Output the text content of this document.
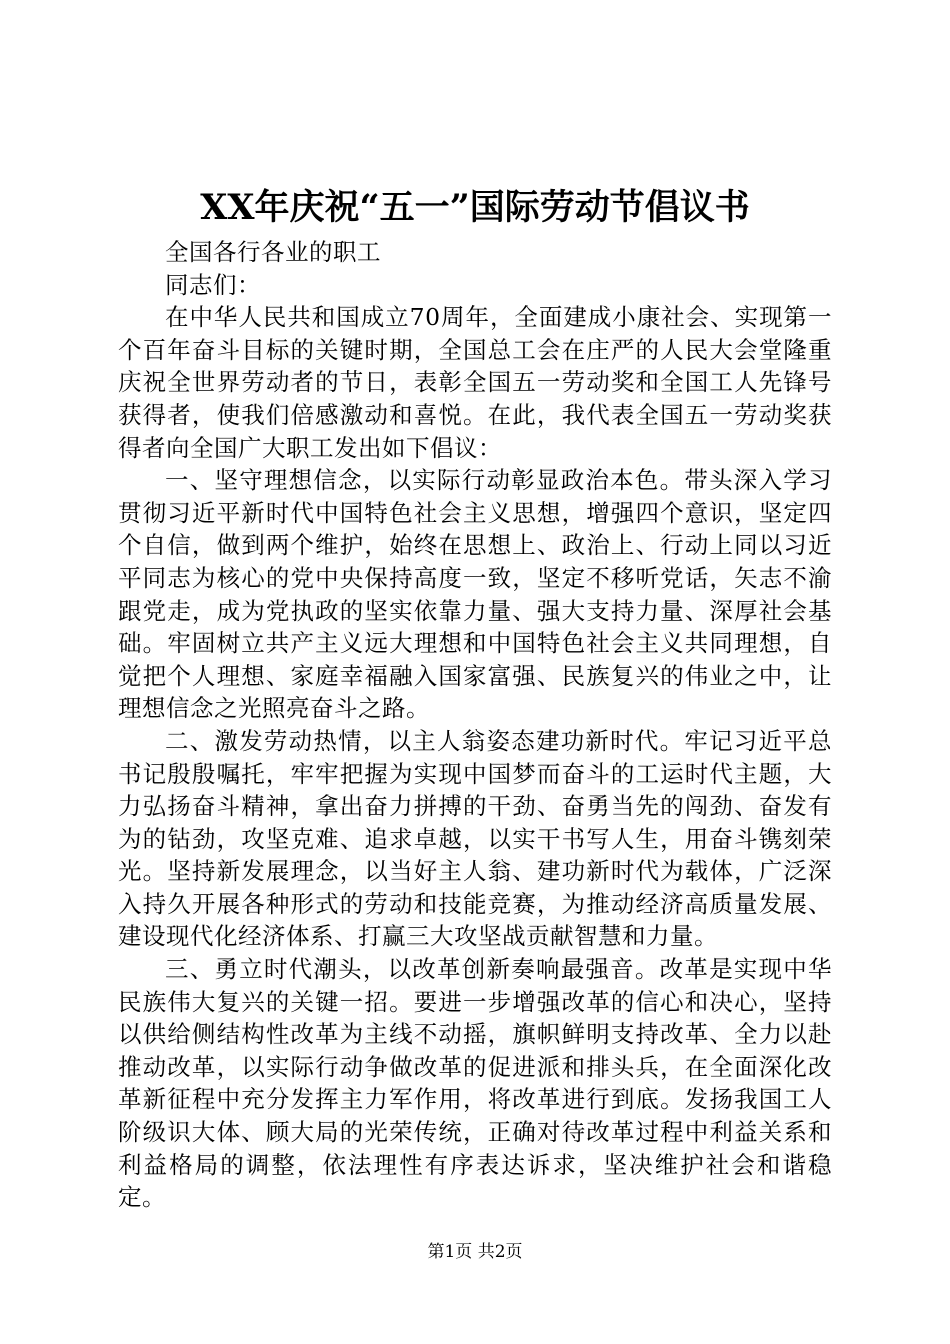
XX年庆祝“五一”国际劳动节倡议书

全国各行各业的职工

同志们：

在中华人民共和国成立70周年，全面建成小康社会、实现第一个百年奋斗目标的关键时期，全国总工会在庄严的人民大会堂隆重庆祝全世界劳动者的节日，表彰全国五一劳动奖和全国工人先锋号获得者，使我们倍感激动和喜悦。在此，我代表全国五一劳动奖获得者向全国广大职工发出如下倡议：

一、坚守理想信念，以实际行动彰显政治本色。带头深入学习贯彻习近平新时代中国特色社会主义思想，增强四个意识，坚定四个自信，做到两个维护，始终在思想上、政治上、行动上同以习近平同志为核心的党中央保持高度一致，坚定不移听党话，矢志不渝跟党走，成为党执政的坚实依靠力量、强大支持力量、深厚社会基础。牢固树立共产主义远大理想和中国特色社会主义共同理想，自觉把个人理想、家庭幸福融入国家富强、民族复兴的伟业之中，让理想信念之光照亮奋斗之路。

二、激发劳动热情，以主人翁姿态建功新时代。牢记习近平总书记殷殷嘱托，牢牢把握为实现中国梦而奋斗的工运时代主题，大力弘扬奋斗精神，拿出奋力拼搏的干劲、奋勇当先的闯劲、奋发有为的钻劲，攻坚克难、追求卓越，以实干书写人生，用奋斗镌刻荣光。坚持新发展理念，以当好主人翁、建功新时代为载体，广泛深入持久开展各种形式的劳动和技能竞赛，为推动经济高质量发展、建设现代化经济体系、打赢三大攻坚战贡献智慧和力量。

三、勇立时代潮头，以改革创新奏响最强音。改革是实现中华民族伟大复兴的关键一招。要进一步增强改革的信心和决心，坚持以供给侧结构性改革为主线不动摇，旗帜鲜明支持改革、全力以赴推动改革，以实际行动争做改革的促进派和排头兵，在全面深化改革新征程中充分发挥主力军作用，将改革进行到底。发扬我国工人阶级识大体、顾大局的光荣传统，正确对待改革过程中利益关系和利益格局的调整，依法理性有序表达诉求，坚决维护社会和谐稳定。

第1页 共2页
